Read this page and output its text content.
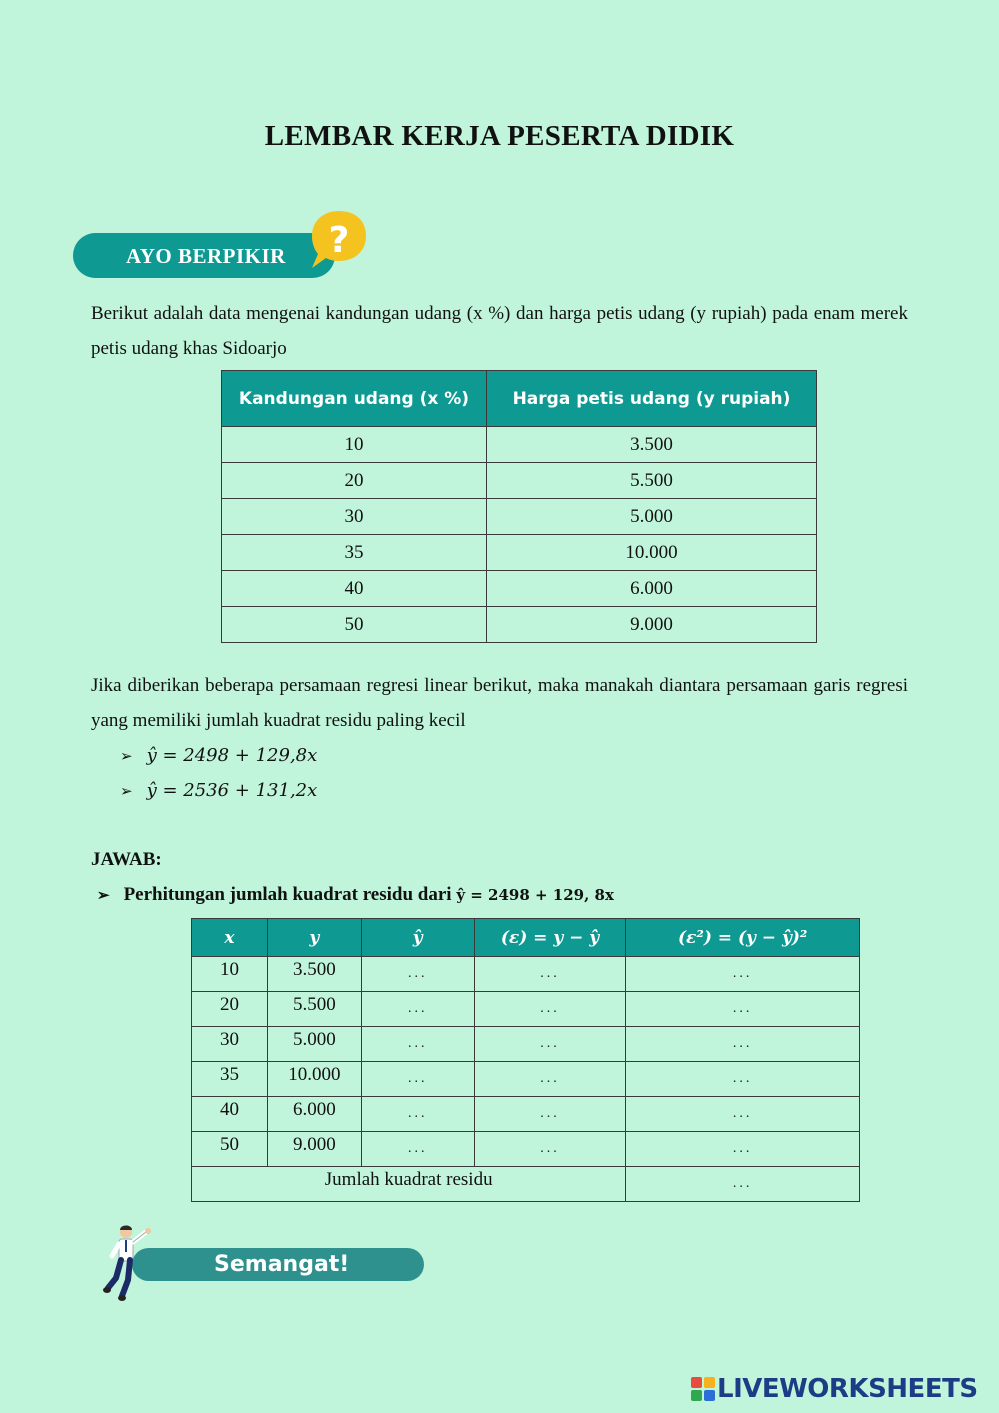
LEMBAR KERJA PESERTA DIDIK
AYO BERPIKIR ?
Berikut adalah data mengenai kandungan udang (x %) dan harga petis udang (y rupiah) pada enam merek petis udang khas Sidoarjo
Kandungan udang (x %)	Harga petis udang (y rupiah)
10	3.500
20	5.500
30	5.000
35	10.000
40	6.000
50	9.000
Jika diberikan beberapa persamaan regresi linear berikut, maka manakah diantara persamaan garis regresi yang memiliki jumlah kuadrat residu paling kecil
➢ ŷ = 2498 + 129,8x
➢ ŷ = 2536 + 131,2x
JAWAB:
➢ Perhitungan jumlah kuadrat residu dari ŷ = 2498 + 129, 8x
x	y	ŷ	(ε) = y − ŷ	(ε²) = (y − ŷ)²
10	3.500	...	...	...
20	5.500	...	...	...
30	5.000	...	...	...
35	10.000	...	...	...
40	6.000	...	...	...
50	9.000	...	...	...
Jumlah kuadrat residu				...
Semangat!
LIVEWORKSHEETS
